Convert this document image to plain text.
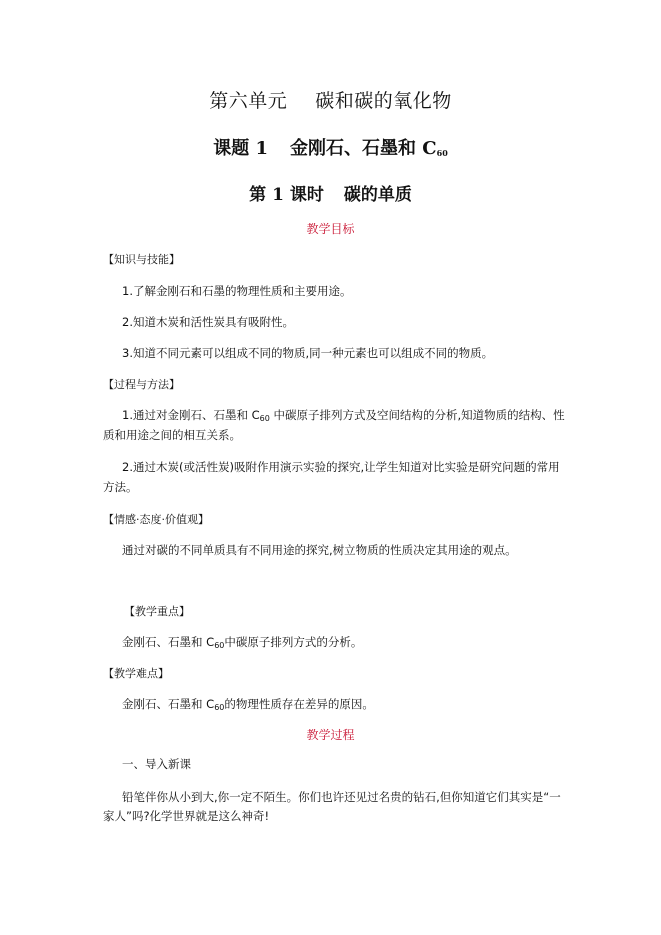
第六单元 碳和碳的氧化物
课题 1 金刚石、石墨和 $C_{60}$
第 1 课时 碳的单质
教学目标
【知识与技能】
1.了解金刚石和石墨的物理性质和主要用途。
2.知道木炭和活性炭具有吸附性。
3.知道不同元素可以组成不同的物质,同一种元素也可以组成不同的物质。
【过程与方法】
1.通过对金刚石、石墨和 $C_{60}$ 中碳原子排列方式及空间结构的分析,知道物质的结构、性
质和用途之间的相互关系。
2.通过木炭(或活性炭)吸附作用演示实验的探究,让学生知道对比实验是研究问题的常用
方法。
【情感·态度·价值观】
通过对碳的不同单质具有不同用途的探究,树立物质的性质决定其用途的观点。
【教学重点】
金刚石、石墨和 $C_{60}$中碳原子排列方式的分析。
【教学难点】
金刚石、石墨和 $C_{60}$的物理性质存在差异的原因。
教学过程
一、导入新课
铅笔伴你从小到大,你一定不陌生。你们也许还见过名贵的钻石,但你知道它们其实是“一
家人”吗?化学世界就是这么神奇!
